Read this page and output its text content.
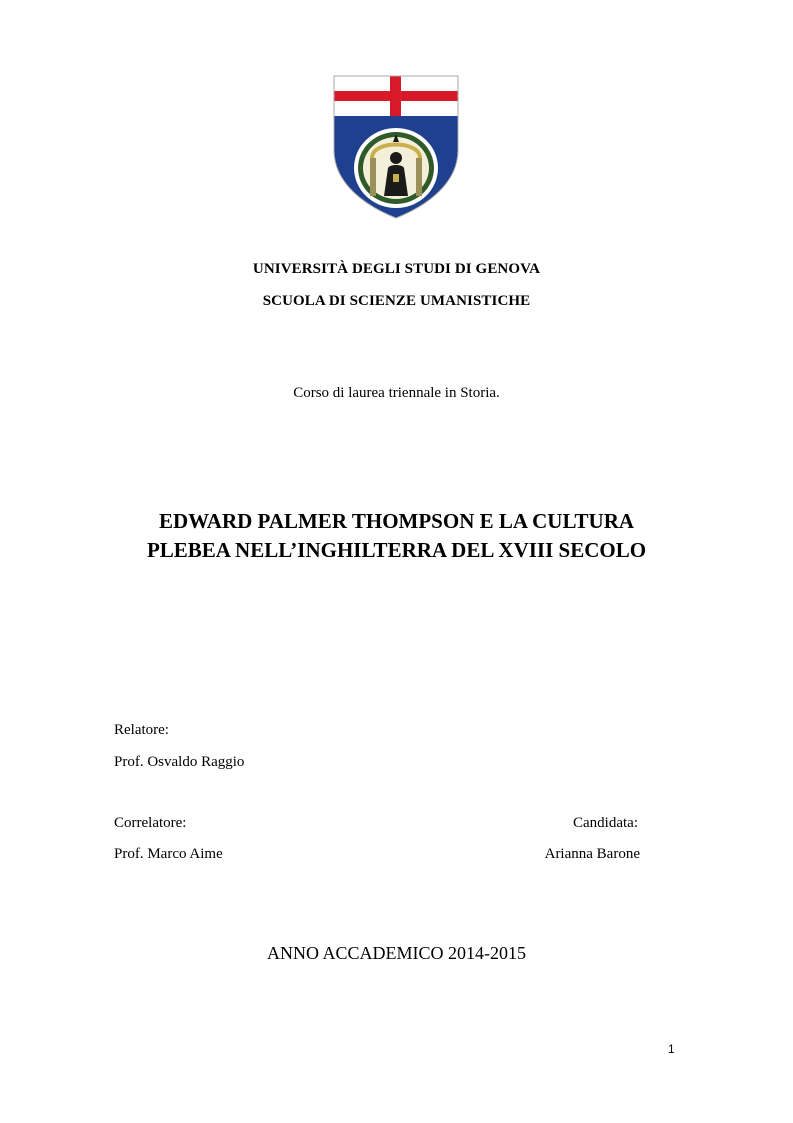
UNIVERSITÀ DEGLI STUDI DI GENOVA
SCUOLA DI SCIENZE UMANISTICHE
Corso di laurea triennale in Storia.
EDWARD PALMER THOMPSON E LA CULTURA
PLEBEA NELL’INGHILTERRA DEL XVIII SECOLO
Relatore:
Prof. Osvaldo Raggio
Correlatore:
Prof. Marco Aime
Candidata:
Arianna Barone
ANNO ACCADEMICO 2014-2015
1
